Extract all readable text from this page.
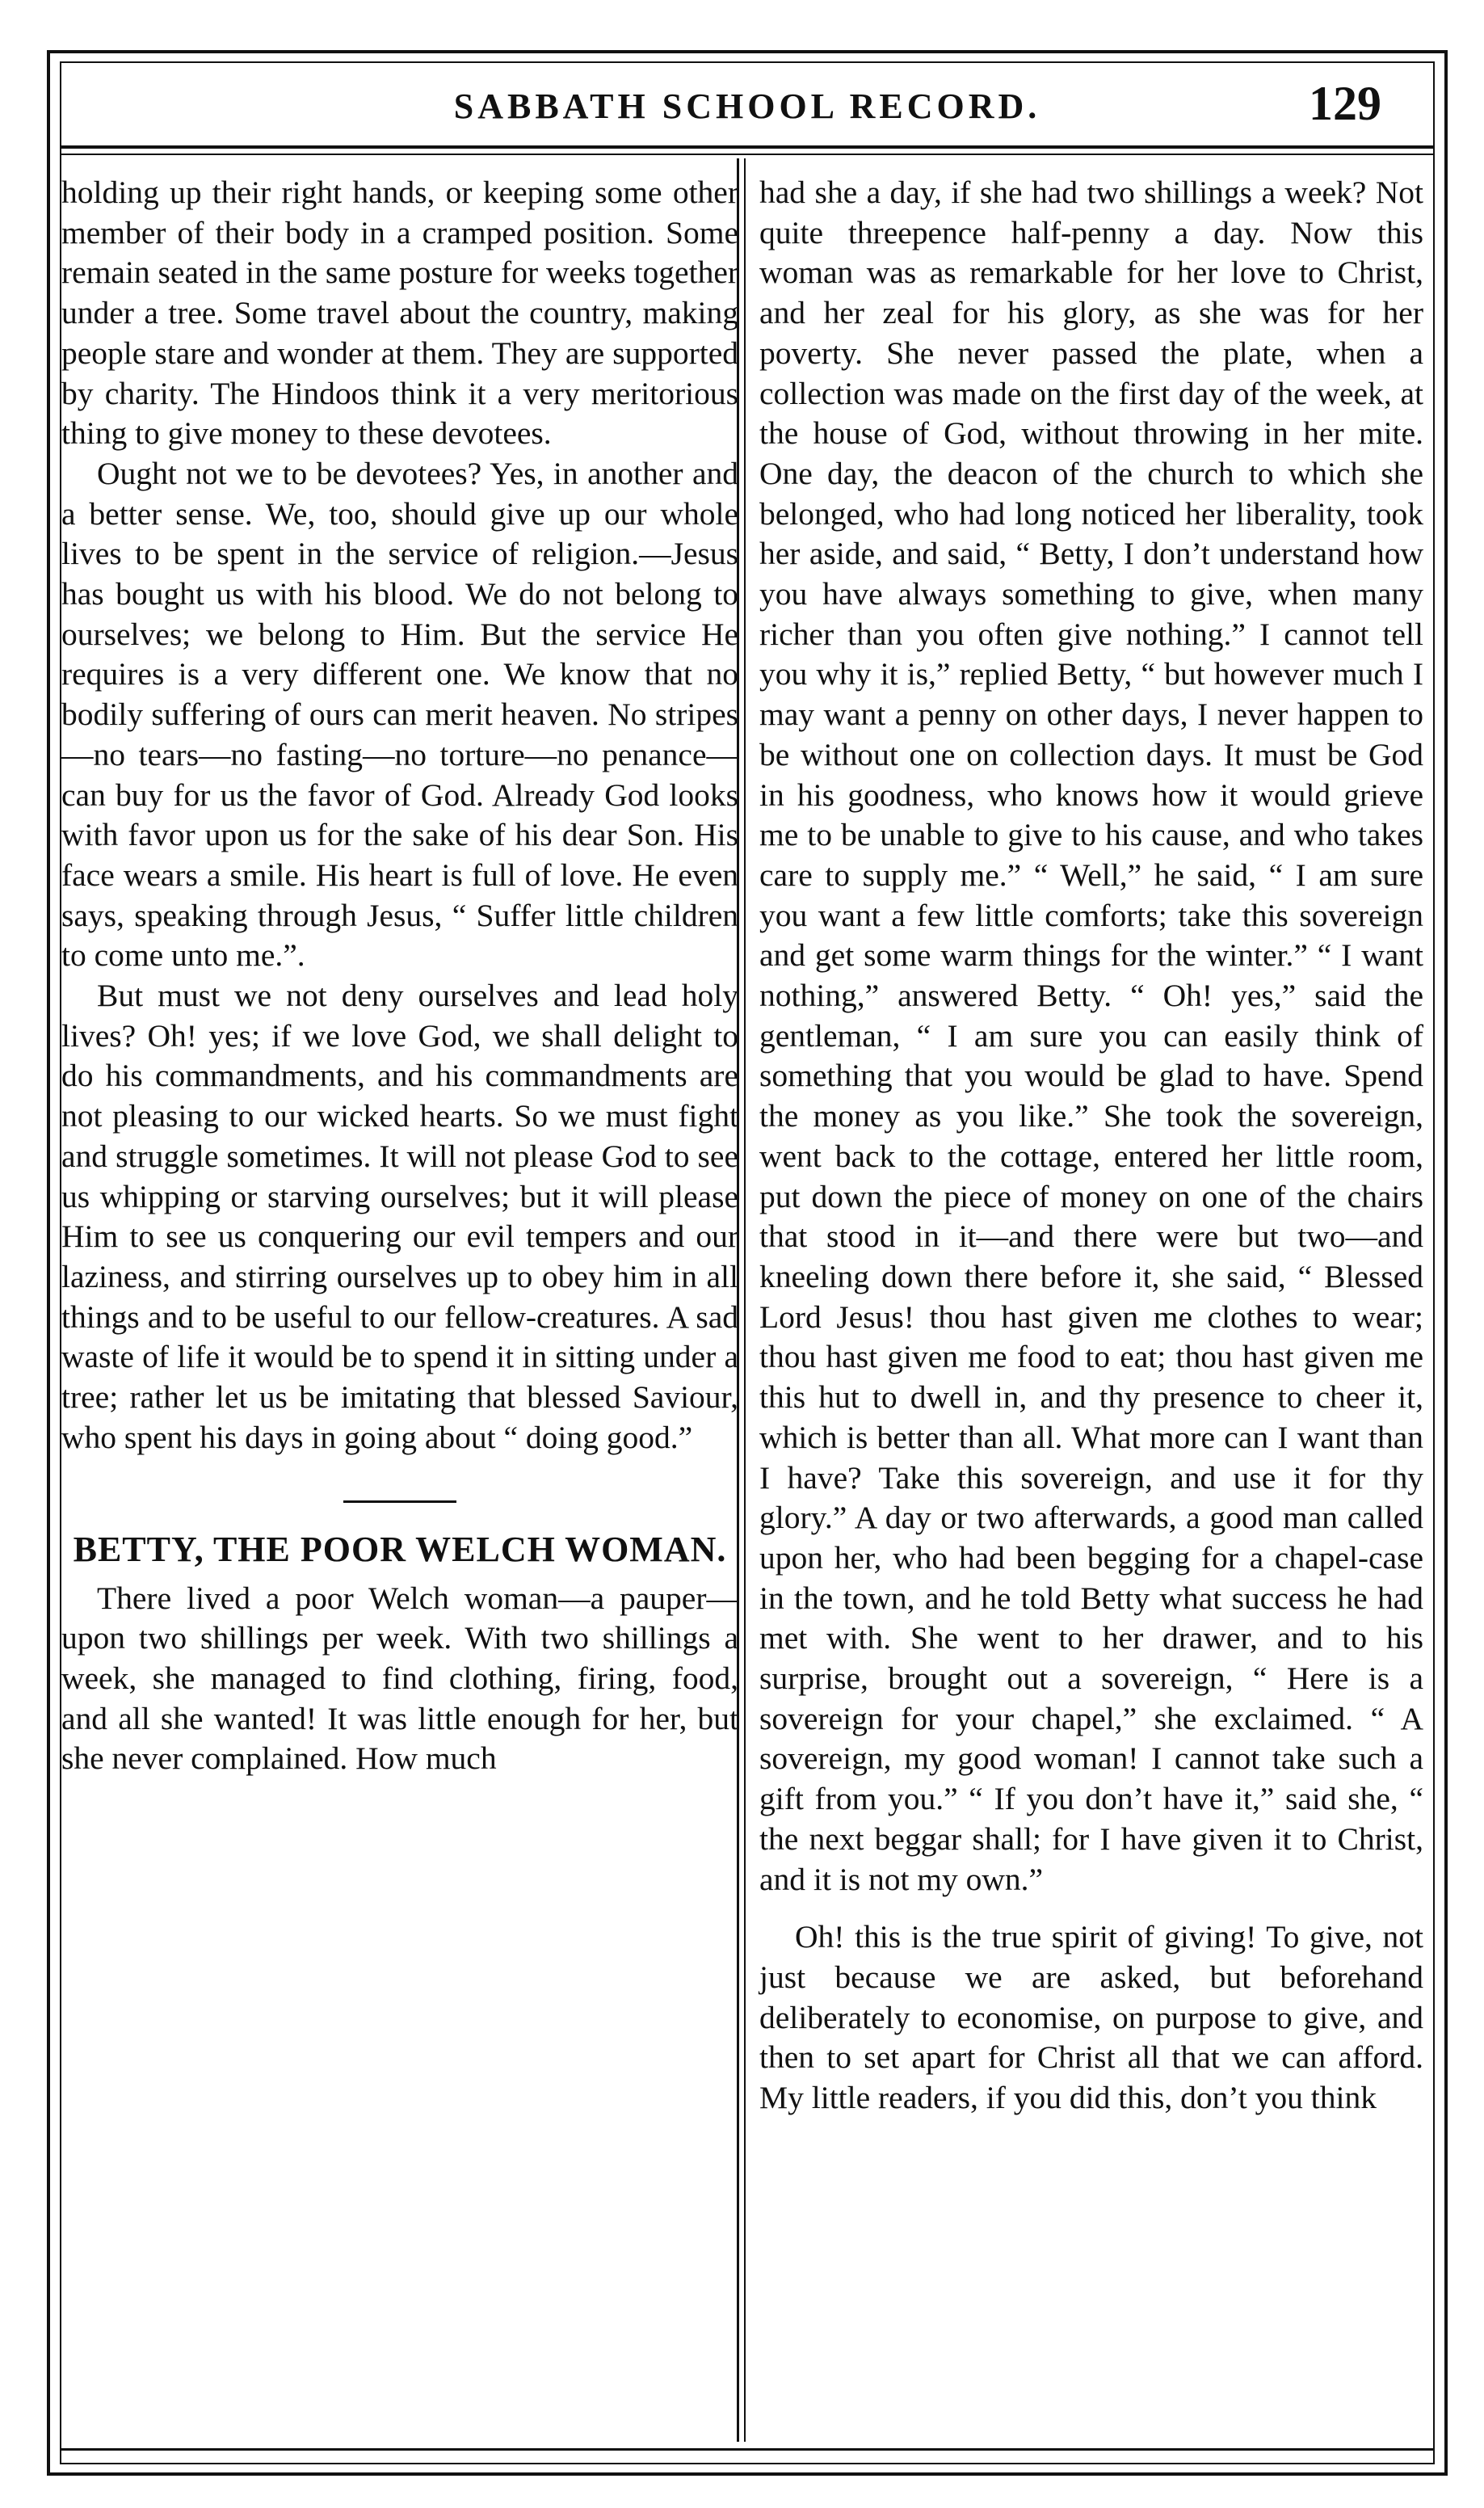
SABBATH SCHOOL RECORD.	129

holding up their right hands, or keeping some other member of their body in a cramped position. Some remain seated in the same posture for weeks together under a tree. Some travel about the country, making people stare and wonder at them. They are supported by charity. The Hindoos think it a very meritorious thing to give money to these devotees.

Ought not we to be devotees? Yes, in another and a better sense. We, too, should give up our whole lives to be spent in the service of religion.—Jesus has bought us with his blood. We do not belong to ourselves; we belong to Him. But the service He requires is a very different one. We know that no bodily suffering of ours can merit heaven. No stripes—no tears—no fasting—no torture—no penance—can buy for us the favor of God. Already God looks with favor upon us for the sake of his dear Son. His face wears a smile. His heart is full of love. He even says, speaking through Jesus, “ Suffer little children to come unto me.”.

But must we not deny ourselves and lead holy lives? Oh! yes; if we love God, we shall delight to do his commandments, and his commandments are not pleasing to our wicked hearts. So we must fight and struggle sometimes. It will not please God to see us whipping or starving ourselves; but it will please Him to see us conquering our evil tempers and our laziness, and stirring ourselves up to obey him in all things and to be useful to our fellow-creatures. A sad waste of life it would be to spend it in sitting under a tree; rather let us be imitating that blessed Saviour, who spent his days in going about “ doing good.”

BETTY, THE POOR WELCH WOMAN.

There lived a poor Welch woman—a pauper—upon two shillings per week. With two shillings a week, she managed to find clothing, firing, food, and all she wanted! It was little enough for her, but she never complained. How much

had she a day, if she had two shillings a week? Not quite threepence half-penny a day. Now this woman was as remarkable for her love to Christ, and her zeal for his glory, as she was for her poverty. She never passed the plate, when a collection was made on the first day of the week, at the house of God, without throwing in her mite. One day, the deacon of the church to which she belonged, who had long noticed her liberality, took her aside, and said, “ Betty, I don’t understand how you have always something to give, when many richer than you often give nothing.” I cannot tell you why it is,” replied Betty, “ but however much I may want a penny on other days, I never happen to be without one on collection days. It must be God in his goodness, who knows how it would grieve me to be unable to give to his cause, and who takes care to supply me.” “ Well,” he said, “ I am sure you want a few little comforts; take this sovereign and get some warm things for the winter.” “ I want nothing,” answered Betty. “ Oh! yes,” said the gentleman, “ I am sure you can easily think of something that you would be glad to have. Spend the money as you like.” She took the sovereign, went back to the cottage, entered her little room, put down the piece of money on one of the chairs that stood in it—and there were but two—and kneeling down there before it, she said, “ Blessed Lord Jesus! thou hast given me clothes to wear; thou hast given me food to eat; thou hast given me this hut to dwell in, and thy presence to cheer it, which is better than all. What more can I want than I have? Take this sovereign, and use it for thy glory.” A day or two afterwards, a good man called upon her, who had been begging for a chapel-case in the town, and he told Betty what success he had met with. She went to her drawer, and to his surprise, brought out a sovereign, “ Here is a sovereign for your chapel,” she exclaimed. “ A sovereign, my good woman! I cannot take such a gift from you.” “ If you don’t have it,” said she, “ the next beggar shall; for I have given it to Christ, and it is not my own.”

Oh! this is the true spirit of giving! To give, not just because we are asked, but beforehand deliberately to economise, on purpose to give, and then to set apart for Christ all that we can afford. My little readers, if you did this, don’t you think
